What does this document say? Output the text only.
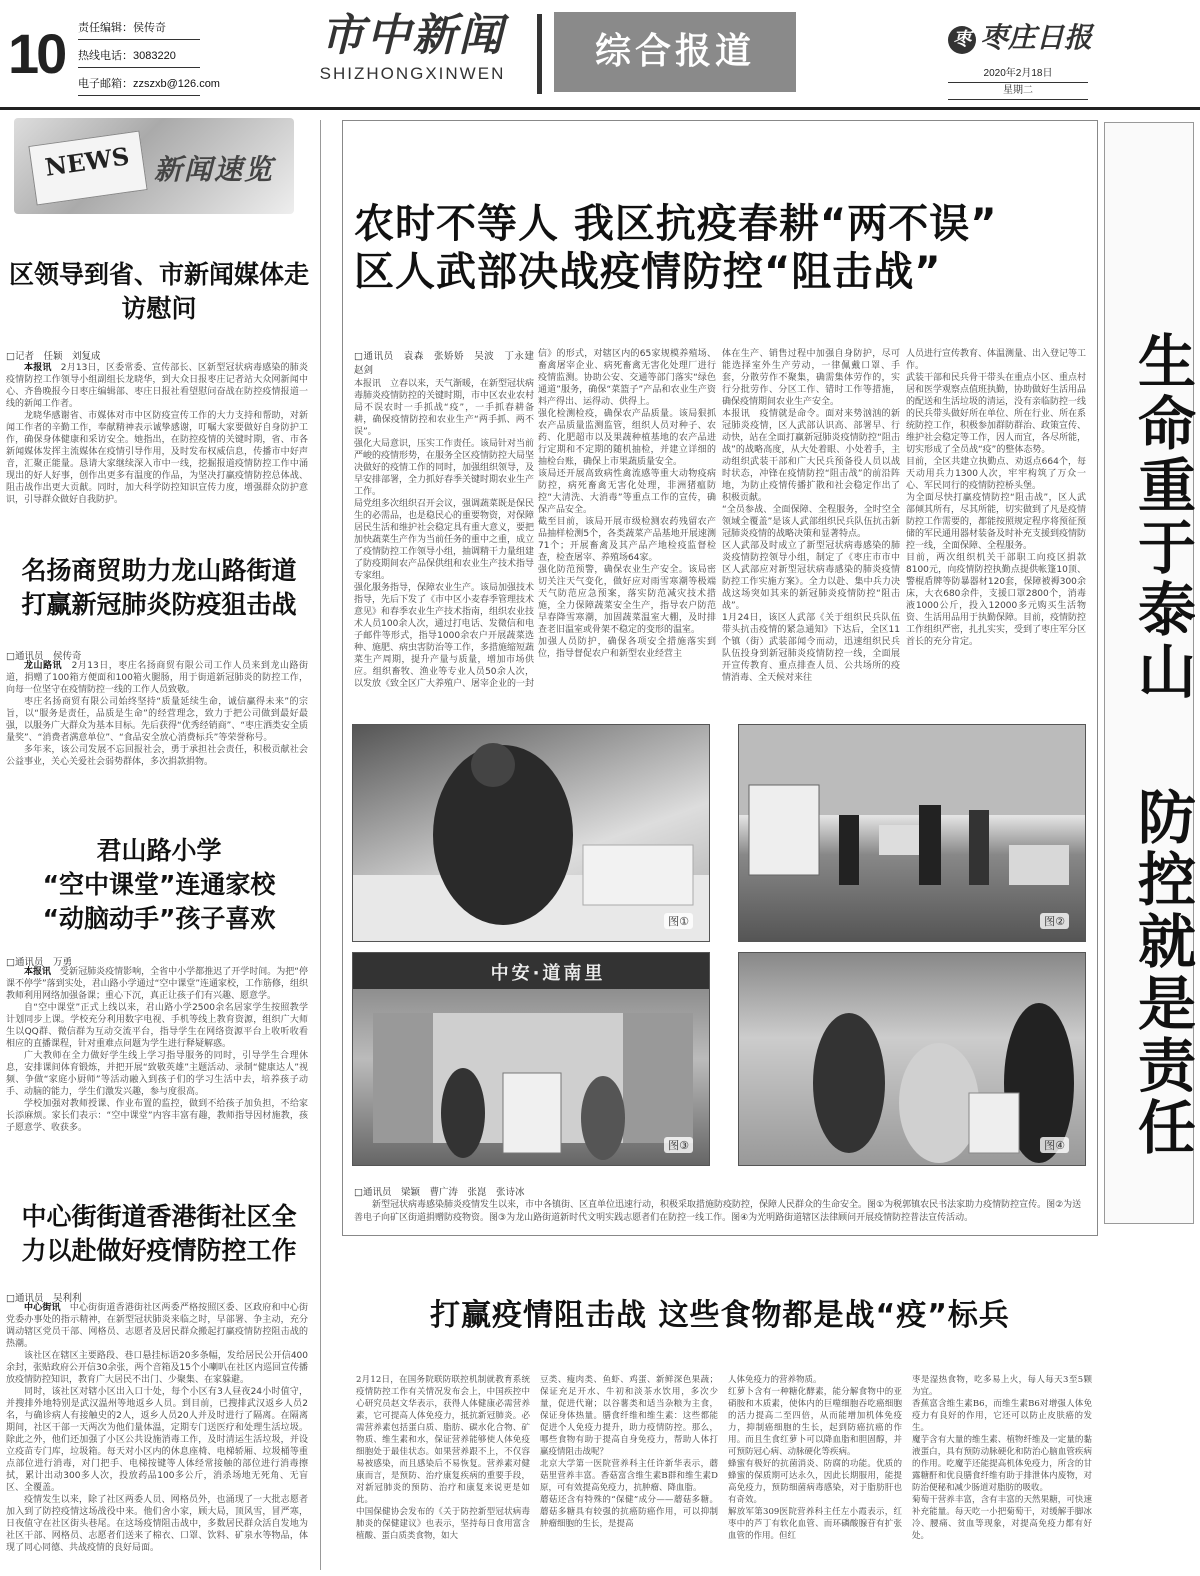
10	责任编辑：侯传奇
热线电话：3083220
电子邮箱：zzszxb@126.com
市中新闻
SHIZHONGXINWEN
综合报道	枣 枣庄日报
2020年2月18日
星期二
NEWS 新闻速览
区领导到省、市新闻媒体走
访慰问
□记者　任颖　刘复成

本报讯　 2月13日，区委常委、宣传部长、区新型冠状病毒感染的肺炎疫情防控工作领导小组副组长龙晓华，到大众日报枣庄记者站大众网新闻中心、齐鲁晚报今日枣庄编辑部、枣庄日报社看望慰问奋战在防控疫情报道一线的新闻工作者。

龙晓华感谢省、市媒体对市中区防疫宣传工作的大力支持和帮助，对新闻工作者的辛勤工作，奉献精神表示诚挚感谢，叮嘱大家要做好自身防护工作，确保身体健康和采访安全。她指出，在防控疫情的关键时期，省、市各新闻媒体发挥主流媒体在疫情引导作用，及时发布权威信息，传播市中好声音，汇聚正能量。恳请大家继续深入市中一线，挖掘报道疫情防控工作中涌现出的好人好事，创作出更多有温度的作品，为坚决打赢疫情防控总体战、阻击战作出更大贡献。同时，加大科学防控知识宣传力度，增强群众防护意识，引导群众做好自我防护。

名扬商贸助力龙山路街道
打赢新冠肺炎防疫狙击战
□通讯员　侯传奇

龙山路讯　 2月13日，枣庄名扬商贸有限公司工作人员来到龙山路街道，捐赠了100箱方便面和100箱火腿肠，用于街道新冠肺炎的防控工作，向每一位坚守在疫情防控一线的工作人员致敬。

枣庄名扬商贸有限公司始终坚持“质量延续生命，诚信赢得未来”的宗旨，以“服务是责任，品质是生命”的经营理念，致力于把公司做到最好最强，以服务广大群众为基本目标。先后获得“优秀经销商”、“枣庄洒类安全质量奖”、“消费者满意单位”、“食品安全放心消费标兵”等荣誉称号。

多年来，该公司发展不忘回报社会，勇于承担社会责任，积极贡献社会公益事业，关心关爱社会弱势群体，多次捐款捐物。

君山路小学
“空中课堂”连通家校
“动脑动手”孩子喜欢
□通讯员　万勇

本报讯　 受新冠肺炎疫情影响，全省中小学都推迟了开学时间。为把“停课不停学”落到实处，君山路小学通过“空中课堂”连通家校，工作筋修，组织教师利用网络加强备课；重心下沉，真正让孩子们有兴趣、愿意学。

自“空中课堂”正式上线以来，君山路小学2500余名居家学生按照教学计划同步上课。学校充分利用数字电视、手机等线上教育资源，组织广大师生以QQ群、微信群为互动交流平台，指导学生在网络资源平台上收听收看相应的直播课程，针对重难点问题为学生进行释疑解惑。

广大教师在全力做好学生线上学习指导服务的同时，引导学生合理休息，安排课间体育锻炼，并把开展“致敬英雄”主题活动、录制“健康达人”视频、争做“家庭小厨师”等活动融入到孩子们的学习生活中去，培养孩子动手、动脑的能力，学生们激发兴趣，参与度很高。

学校加强对教师授课、作业布置的监控，做到不给孩子加负担，不给家长添麻烦。家长们表示：“空中课堂”内容丰富有趣，教师指导因材施教，孩子愿意学、收获多。

中心街街道香港街社区全
力以赴做好疫情防控工作
□通讯员　吴利利

中心街讯　 中心街街道香港街社区两委严格按照区委、区政府和中心街党委办事处的指示精神，在新型冠状肺炎来临之时，早部署、争主动，充分调动辖区党员干部、网格员、志愿者及居民群众搬起打赢疫情防控阻击战的热潮。

该社区在辖区主要路段、巷口悬挂标语20多条幅，发给居民公开信400余封，张贴政府公开信30余张，两个音箱及15个小喇叭在社区内巡回宣传播放疫情防控知识，教育广大居民不出门、少聚集、在家躲避。

同时，该社区对辖小区出入口十处，每个小区有3人昼夜24小时值守，并搜排外地特别是武汉温州等地返乡人员。到目前，已搜排武汉返乡人员2名，与确诊病人有接触史的2人，返乡人员20人并及时进行了隔离。在隔离期间，社区干部一天两次为他们量体温，定期专门送医疗和处理生活垃圾。除此之外，他们还加强了小区公共设施消毒工作，及时清运生活垃圾，并设立疫苗专门库，垃圾箱。每天对小区内的休息座椅、电梯轿厢、垃圾桶等重点部位进行消毒，对门把手、电梯按键等人体经常接触的部位进行消毒擦拭，累计出动300多人次，投放药品100多公斤，消杀场地无死角、无盲区、全覆盖。

疫情发生以来，除了社区两委人员、网格员外，也涌现了一大批志愿者加入到了防控疫情这场战役中来。他们舍小家，顾大局，顶风雪，冒严寒，日夜值守在社区街头巷尾。在这场疫情阻击战中，多数居民群众活自发地为社区干部、网格员、志愿者们送来了棉衣、口罩、饮料、矿泉水等物品，体现了同心同德、共战疫情的良好局面。

农时不等人 我区抗疫春耕“两不误”
区人武部决战疫情防控“阻击战”
□通讯员　袁森　张娇娇　吴波　丁永建　赵剑
本报讯　立春以来，天气渐暖，在新型冠状病毒肺炎疫情防控的关键时期，市中区农业农村局不误农时一手抓战“疫”，一手抓春耕备耕，确保疫情防控和农业生产“两手抓、两不误”。
强化大局意识，压实工作责任。该局针对当前严峻的疫情形势，在服务全区疫情防控大局坚决做好的疫情工作的同时，加强组织领导，及早安排部署，全力抓好春季关键时期农业生产工作。
局党组多次组织召开会议，强调蔬菜既是保民生的必需品，也是稳民心的重要物资，对保障居民生活和维护社会稳定具有重大意义，要把加快蔬菜生产作为当前任务的重中之重，成立了疫情防控工作领导小组，抽调精干力量组建了防疫期间农产品保供组和农业生产技术指导专家组。
强化服务指导，保障农业生产。该局加强技术指导，先后下发了《市中区小麦春季管理技术意见》和春季农业生产技术指南，组织农业技术人员100余人次，通过打电话、发微信和电子邮件等形式，指导1000余农户开展蔬菜选种、施肥、病虫害防治等工作，多措施缩短蔬菜生产周期，提升产量与质量，增加市场供应。组织畜牧、渔业等专业人员50余人次，以发放《致全区广大养殖户、屠宰企业的一封
信》的形式，对辖区内的65家规模养殖场、畜禽屠宰企业、病死畜禽无害化处理厂进行疫情监测。协助公安、交通等部门落实“绿色通道”服务，确保“菜篮子”产品和农业生产资料产得出、运得动、供得上。
强化检测检疫，确保农产品质量。该局狠抓农产品质量监测监管，组织人员对种子、农药、化肥超市以及果蔬种植基地的农产品进行定期和不定期的随机抽检，并建立详细的抽检台账，确保上市果蔬质量安全。
该局还开展高致病性禽流感等重大动物疫病防控，病死畜禽无害化处理，非洲猪瘟防控“大清洗、大消毒”等重点工作的宣传，确保产品安全。
截至目前，该局开展市级检测农药残留农产品抽样检测5个，各类蔬菜产品基地开展速测71个；开展畜禽及其产品产地检疫监督检查，检查屠宰、养殖场64家。
强化防范预警，确保农业生产安全。该局密切关注天气变化，做好应对雨雪寒潮等极端天气防范应急预案，落实防范减灾技术措施，全力保障蔬菜安全生产，指导农户防范早春降雪寒潮，加固蔬菜温室大棚，及时排查老旧温室或骨架不稳定的变形的温室。
加强人员防护，确保各项安全措施落实到位，指导督促农户和新型农业经营主
体在生产、销售过程中加强自身防护，尽可能选择室外生产劳动，一律佩戴口罩、手套，分散劳作不聚集，确需集体劳作的，实行分批劳作、分区工作、错时工作等措施，确保疫情期间农业生产安全。
本报讯　疫情就是命令。面对来势汹汹的新冠肺炎疫情，区人武部认识高、部署早、行动快，站在全面打赢新冠肺炎疫情防控“阻击战”的战略高度，从大处着眼、小处着手，主动组织武装干部和广大民兵预备役人员以战时状态，冲锋在疫情防控“阻击战”的前沿阵地，为防止疫情传播扩散和社会稳定作出了积极贡献。
“全员参战、全面保障、全程服务，全时空全领域全覆盖”是该人武部组织民兵队伍抗击新冠肺炎疫情的战略决策和显著特点。
区人武部及时成立了新型冠状病毒感染的肺炎疫情防控领导小组，制定了《枣庄市市中区人武部应对新型冠状病毒感染的肺炎疫情防控工作实施方案》。全力以赴、集中兵力决战这场突如其来的新冠肺炎疫情防控“阻击战”。
1月24日，该区人武部《关于组织民兵队伍带头抗击疫情的紧急通知》下达后，全区11个镇（街）武装部闻令而动，迅速组织民兵队伍投身到新冠肺炎疫情防控一线，全面展开宣传教育、重点排查人员、公共场所的疫情消毒、全天候对来往
人员进行宣传教育、体温测量、出入登记等工作。
武装干部和民兵骨干带头在重点小区、重点村居和医学观察点值班执勤，协助做好生活用品的配送和生活垃圾的清运，没有亲临防控一线的民兵带头做好所在单位、所在行业、所在系统防控工作，积极参加群防群治、政策宣传、维护社会稳定等工作，因人而宜，各尽所能，切实形成了全员战“疫”的整体态势。
目前，全区共建立执勤点、劝返点664个，每天动用兵力1300人次，牢牢构筑了万众一心、军民同行的疫情防控桥头堡。
为全面尽快打赢疫情防控“阻击战”，区人武部倾其所有，尽其所能，切实做到了凡是疫情防控工作需要的，都能按照规定程序将预征预储的军民通用器材装备及时补充支援到疫情防控一线，全面保障、全程服务。
目前，两次组织机关干部职工向疫区捐款8100元，向疫情防控执勤点提供帐篷10顶、警棍盾牌等防暴器材120套，保障被褥300余床，大衣680余件，支援口罩2800个，消毒液1000公斤，投入12000多元购买生活物资、生活用品用于执勤保障。目前，疫情防控工作组织严密，扎扎实实，受到了枣庄军分区首长的充分肯定。
图①	图②
中安·道南里
图③	图④
□通讯员　梁颖　曹广涛　张崑　张诗冰
新型冠状病毒感染肺炎疫情发生以来，市中各镇街、区直单位迅速行动，积极采取措施防疫防控，保障人民群众的生命安全。图①为税郭镇农民书法家助力疫情防控宣传。图②为送善电子向矿区街道捐赠防疫物资。图③为龙山路街道新时代文明实践志愿者们在防控一线工作。图④为光明路街道辖区法律顾问开展疫情防控普法宣传活动。
生命重于泰山
防控就是责任
打赢疫情阻击战 这些食物都是战“疫”标兵
2月12日，在国务院联防联控机制就教育系统疫情防控工作有关情况发布会上，中国疾控中心研究员赵文华表示，获得人体健康必需营养素，它可提高人体免疫力，抵抗新冠肺炎。必需营养素包括蛋白质、脂肪、碳水化合物、矿物质、维生素和水，保证营养能够使人体免疫细胞处于最佳状态。如果营养跟不上，不仅容易被感染，而且感染后不易恢复。营养素对健康而言，是预防、治疗康复疾病的重要手段，对新冠肺炎的预防、治疗和康复来说更是如此。
中国保健协会发布的《关于防控新型冠状病毒肺炎的保健建议》也表示，坚持每日食用富含植酸、蛋白质类食物，如大
豆类、瘦肉类、鱼虾、鸡蛋、新鲜深色果蔬；保证充足开水、牛初和淡茶水饮用，多次少量，促进代谢；以谷薯类和适当杂粮为主食，保证身体热量。膳食纤维和维生素：这些都能促进个人免疫力提升，助力疫情防控。那么，哪些食物有助于提高自身免疫力，帮助人体打赢疫情阻击战呢？
北京大学第一医院营养科主任许新华表示，蘑菇里营养丰富。香菇富含维生素B群和维生素D原，可有效提高免疫力，抗肿瘤、降血脂。
蘑菇还含有特殊的“保健”成分——蘑菇多糖。蘑菇多糖具有较强的抗癌防癌作用，可以抑制肿瘤细胞的生长，是提高
人体免疫力的营养物质。
红萝卜含有一种糖化酵素，能分解食物中的亚硝胺和木质素，使体内的巨噬细胞吞吃癌细胞的活力提高二至四倍，从而能增加机体免疫力，抑制癌细胞的生长，起到防癌抗癌的作用。而且生食红萝卜可以降血脂和胆固醇，并可预防冠心病、动脉硬化等疾病。
蜂蜜有极好的抗菌消炎、防腐的功能。优质的蜂蜜的保质期可达永久，因此长期服用，能提高免疫力，预防细菌病毒感染，对于脂肪肝也有奇效。
解放军第309医院营养科主任左小霞表示，红枣中的芦丁有软化血管、而环磷酸腺苷有扩张血管的作用。但红
枣是湿热食物，吃多易上火，每人每天3至5颗为宜。
香蕉富含维生素B6，而维生素B6对增强人体免疫力有良好的作用，它还可以防止皮肤癌的发生。
魔芋含有大量的维生素、植物纤维及一定量的黏液蛋白，具有预防动脉硬化和防治心脑血管疾病的作用。吃魔芋还能提高机体免疫力，所含的甘露糖酐和优良膳食纤维有助于排泄体内废物，对防治便秘和减少肠道对脂肪的吸收。
菊萄干营养丰富，含有丰富的天然果糖，可快速补充能量。每天吃一小把菊萄干，对缓解手脚冰冷、腰痛、贫血等现象，对提高免疫力都有好处。
